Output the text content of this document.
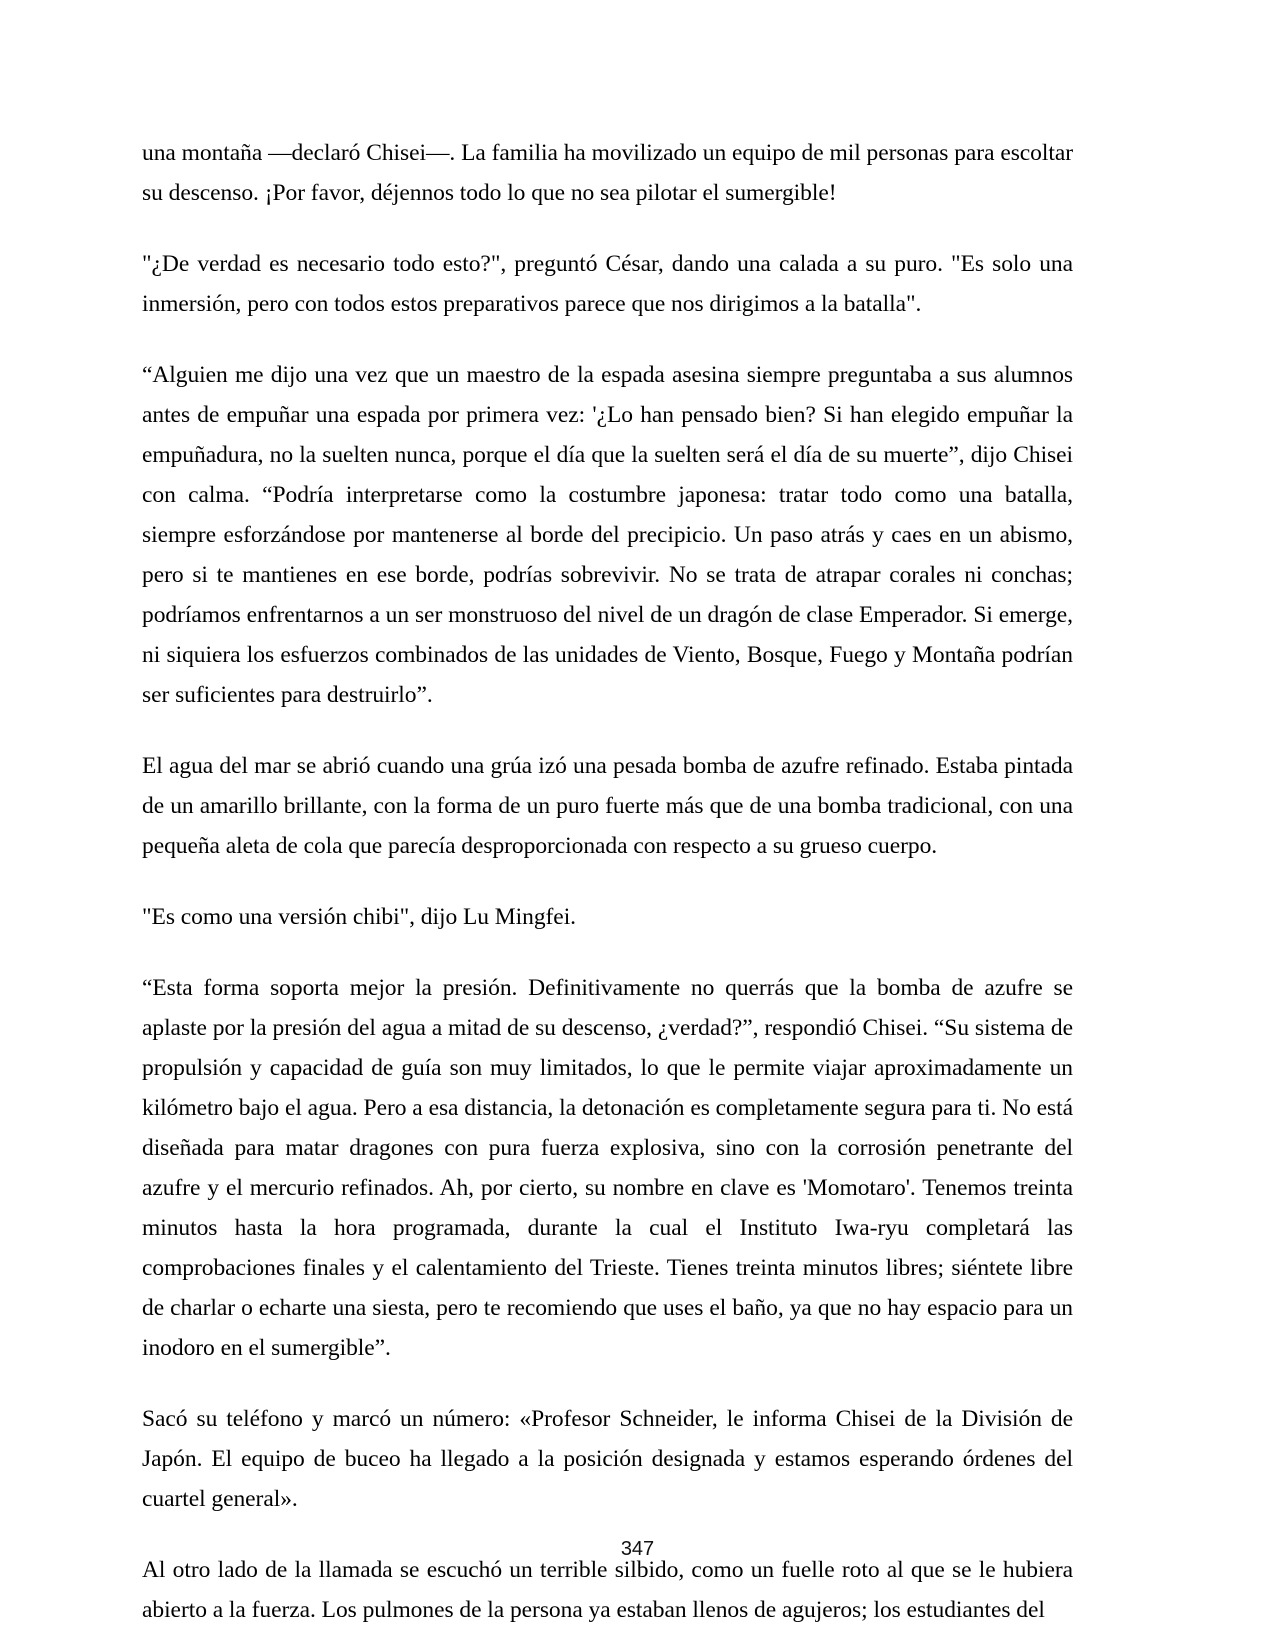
una montaña —declaró Chisei—. La familia ha movilizado un equipo de mil personas para escoltar su descenso. ¡Por favor, déjennos todo lo que no sea pilotar el sumergible!

"¿De verdad es necesario todo esto?", preguntó César, dando una calada a su puro. "Es solo una inmersión, pero con todos estos preparativos parece que nos dirigimos a la batalla".

“Alguien me dijo una vez que un maestro de la espada asesina siempre preguntaba a sus alumnos antes de empuñar una espada por primera vez: '¿Lo han pensado bien? Si han elegido empuñar la empuñadura, no la suelten nunca, porque el día que la suelten será el día de su muerte”, dijo Chisei con calma. “Podría interpretarse como la costumbre japonesa: tratar todo como una batalla, siempre esforzándose por mantenerse al borde del precipicio. Un paso atrás y caes en un abismo, pero si te mantienes en ese borde, podrías sobrevivir. No se trata de atrapar corales ni conchas; podríamos enfrentarnos a un ser monstruoso del nivel de un dragón de clase Emperador. Si emerge, ni siquiera los esfuerzos combinados de las unidades de Viento, Bosque, Fuego y Montaña podrían ser suficientes para destruirlo”.

El agua del mar se abrió cuando una grúa izó una pesada bomba de azufre refinado. Estaba pintada de un amarillo brillante, con la forma de un puro fuerte más que de una bomba tradicional, con una pequeña aleta de cola que parecía desproporcionada con respecto a su grueso cuerpo.

"Es como una versión chibi", dijo Lu Mingfei.

“Esta forma soporta mejor la presión. Definitivamente no querrás que la bomba de azufre se aplaste por la presión del agua a mitad de su descenso, ¿verdad?”, respondió Chisei. “Su sistema de propulsión y capacidad de guía son muy limitados, lo que le permite viajar aproximadamente un kilómetro bajo el agua. Pero a esa distancia, la detonación es completamente segura para ti. No está diseñada para matar dragones con pura fuerza explosiva, sino con la corrosión penetrante del azufre y el mercurio refinados. Ah, por cierto, su nombre en clave es 'Momotaro'. Tenemos treinta minutos hasta la hora programada, durante la cual el Instituto Iwa-ryu completará las comprobaciones finales y el calentamiento del Trieste. Tienes treinta minutos libres; siéntete libre de charlar o echarte una siesta, pero te recomiendo que uses el baño, ya que no hay espacio para un inodoro en el sumergible”.

Sacó su teléfono y marcó un número: «Profesor Schneider, le informa Chisei de la División de Japón. El equipo de buceo ha llegado a la posición designada y estamos esperando órdenes del cuartel general».

Al otro lado de la llamada se escuchó un terrible silbido, como un fuelle roto al que se le hubiera abierto a la fuerza. Los pulmones de la persona ya estaban llenos de agujeros; los estudiantes del

347
